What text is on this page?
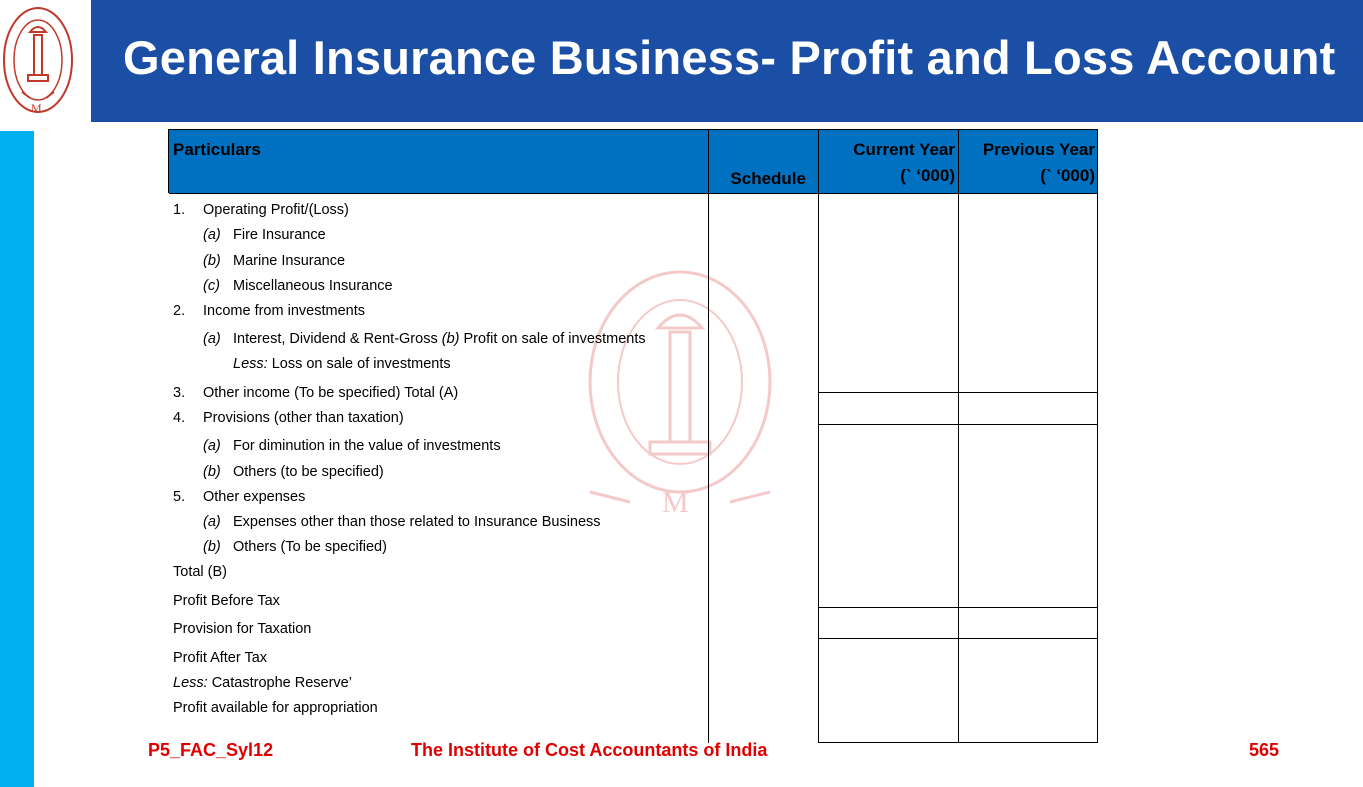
General Insurance Business- Profit and Loss Account
M
M
Particulars
Schedule
Current Year
(` ‘000)
Previous Year
(` ‘000)
1. Operating Profit/(Loss)
(a) Fire Insurance
(b) Marine Insurance
(c) Miscellaneous Insurance
2. Income from investments
(a) Interest, Dividend & Rent-Gross (b) Profit on sale of investments
Less: Loss on sale of investments
3. Other income (To be specified) Total (A)
4. Provisions (other than taxation)
(a) For diminution in the value of investments
(b) Others (to be specified)
5. Other expenses
(a) Expenses other than those related to Insurance Business
(b) Others (To be specified)
Total (B)
Profit Before Tax
Provision for Taxation
Profit After Tax
Less: Catastrophe Reserve’
Profit available for appropriation
P5_FAC_Syl12	The Institute of Cost Accountants of India	565
